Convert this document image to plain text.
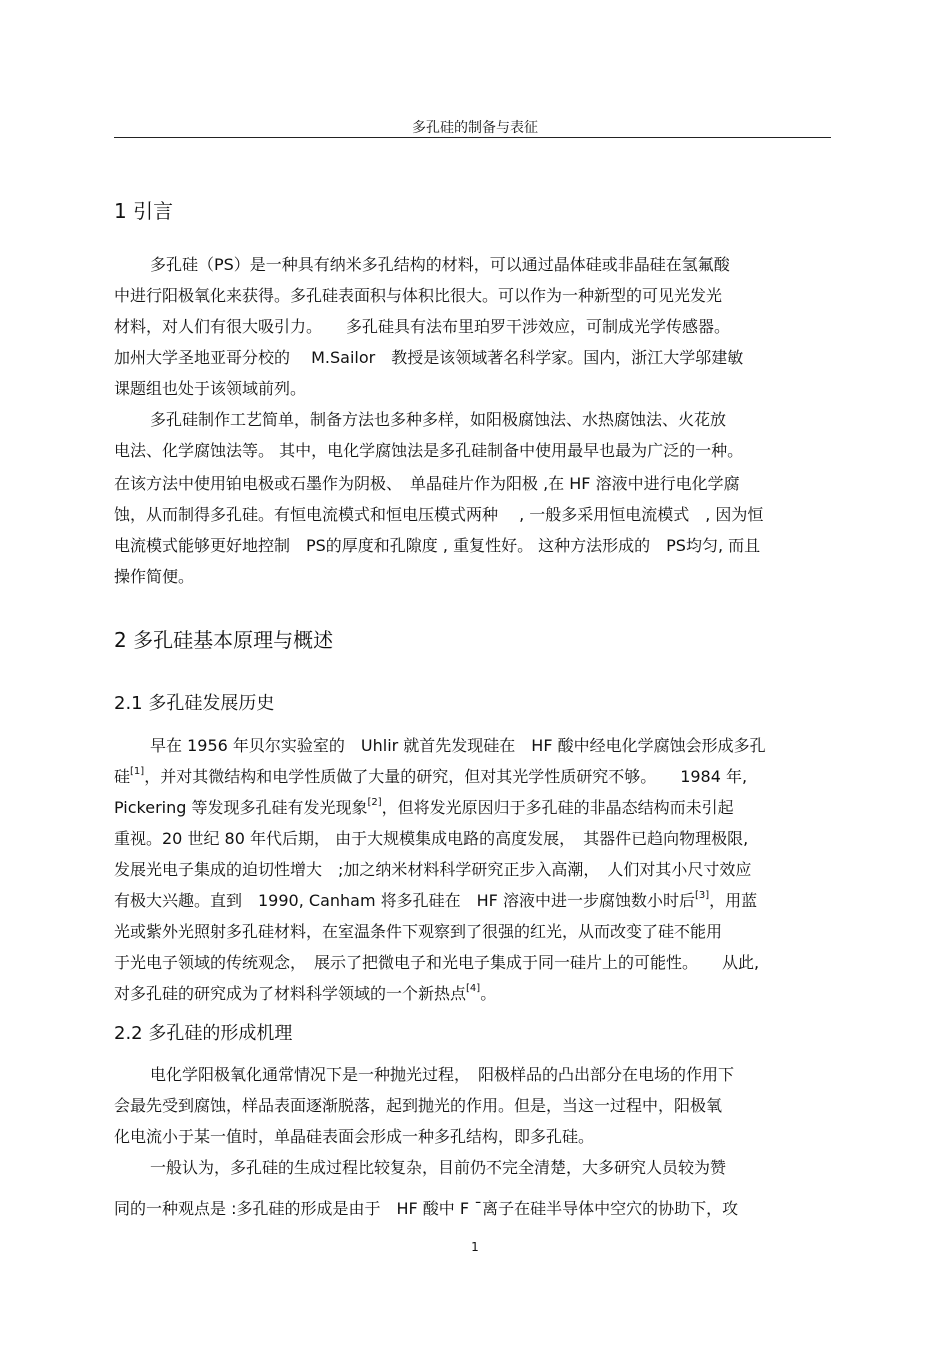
多孔硅的制备与表征
1 引言
多孔硅（PS）是一种具有纳米多孔结构的材料，可以通过晶体硅或非晶硅在氢氟酸
中进行阳极氧化来获得。多孔硅表面积与体积比很大。可以作为一种新型的可见光发光
材料，对人们有很大吸引力。　　多孔硅具有法布里珀罗干涉效应，可制成光学传感器。
加州大学圣地亚哥分校的　 M.Sailor　教授是该领域著名科学家。国内，浙江大学邬建敏
课题组也处于该领域前列。
多孔硅制作工艺简单，制备方法也多种多样，如阳极腐蚀法、水热腐蚀法、火花放
电法、化学腐蚀法等。 其中，电化学腐蚀法是多孔硅制备中使用最早也最为广泛的一种。
在该方法中使用铂电极或石墨作为阴极、　单晶硅片作为阳极 ,在 HF 溶液中进行电化学腐
蚀，从而制得多孔硅。有恒电流模式和恒电压模式两种　 , 一般多采用恒电流模式　, 因为恒
电流模式能够更好地控制　PS的厚度和孔隙度 , 重复性好。 这种方法形成的　PS均匀, 而且
操作简便。
2 多孔硅基本原理与概述
2.1 多孔硅发展历史
早在 1956 年贝尔实验室的　Uhlir 就首先发现硅在　HF 酸中经电化学腐蚀会形成多孔
硅[1]，并对其微结构和电学性质做了大量的研究，但对其光学性质研究不够。　　1984 年,
Pickering 等发现多孔硅有发光现象[2]，但将发光原因归于多孔硅的非晶态结构而未引起
重视。20 世纪 80 年代后期， 由于大规模集成电路的高度发展，　其器件已趋向物理极限,
发展光电子集成的迫切性增大　;加之纳米材料科学研究正步入高潮，　人们对其小尺寸效应
有极大兴趣。直到　1990, Canham 将多孔硅在　HF 溶液中进一步腐蚀数小时后[3]，用蓝
光或紫外光照射多孔硅材料，在室温条件下观察到了很强的红光，从而改变了硅不能用
于光电子领域的传统观念，　展示了把微电子和光电子集成于同一硅片上的可能性。　　从此,
对多孔硅的研究成为了材料科学领域的一个新热点[4]。
2.2 多孔硅的形成机理
电化学阳极氧化通常情况下是一种抛光过程，　阳极样品的凸出部分在电场的作用下
会最先受到腐蚀，样品表面逐渐脱落，起到抛光的作用。但是，当这一过程中，阳极氧
化电流小于某一值时，单晶硅表面会形成一种多孔结构，即多孔硅。
一般认为，多孔硅的生成过程比较复杂，目前仍不完全清楚，大多研究人员较为赞
同的一种观点是 :多孔硅的形成是由于　HF 酸中 F ˉ离子在硅半导体中空穴的协助下，攻
1
